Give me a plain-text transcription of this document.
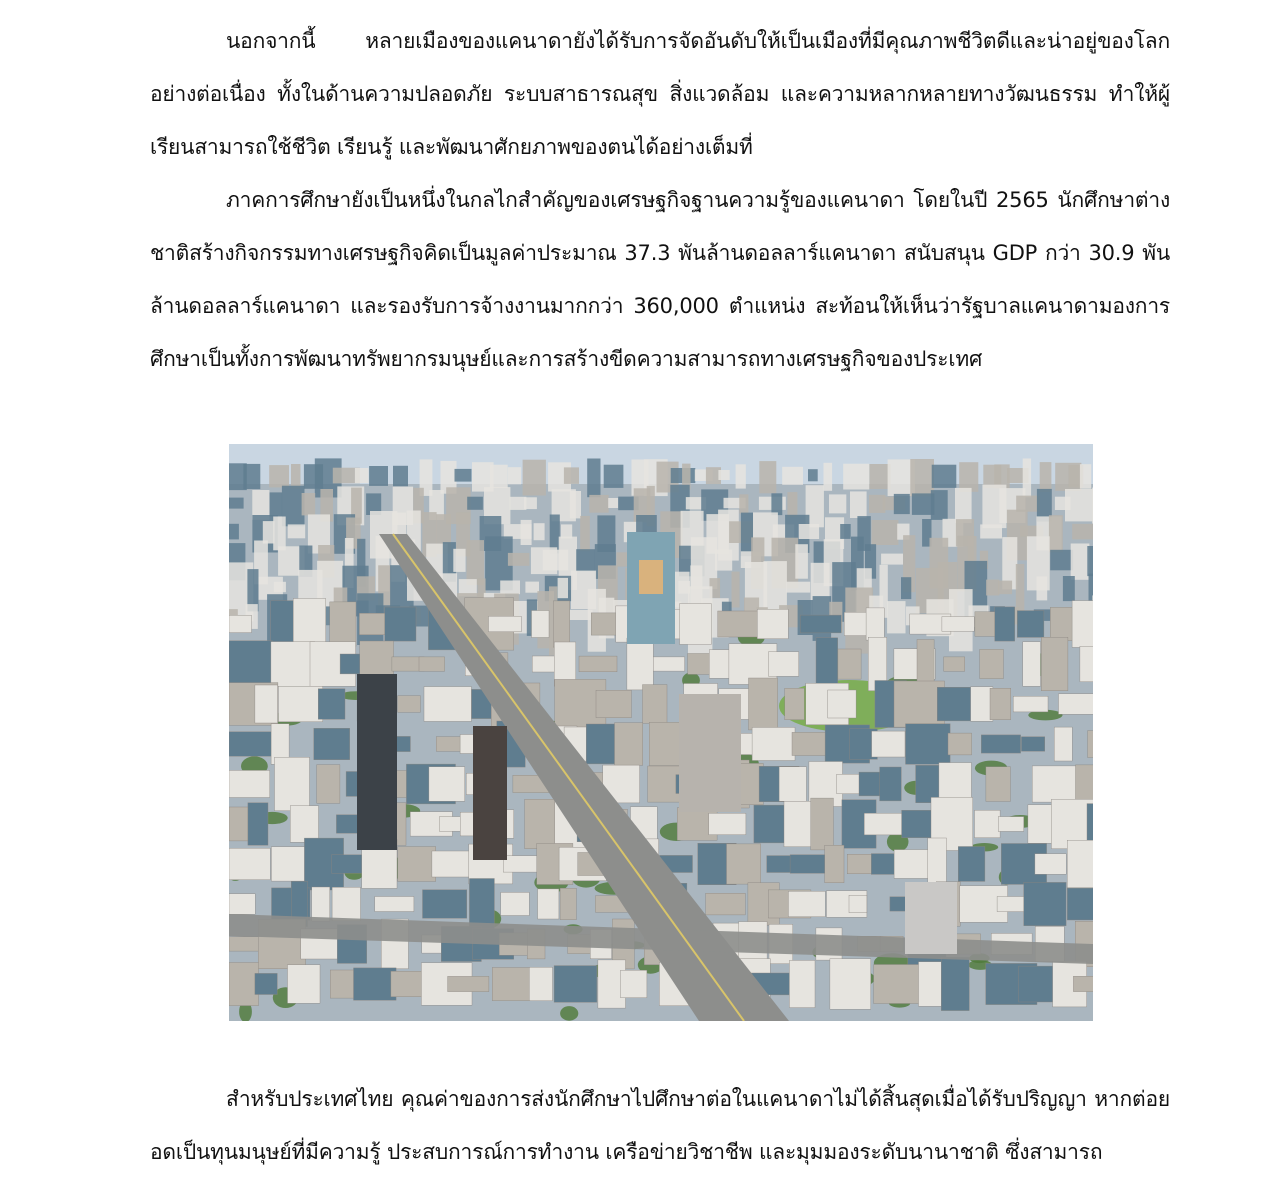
นอกจากนี้ หลายเมืองของแคนาดายังได้รับการจัดอันดับให้เป็นเมืองที่มีคุณภาพชีวิตดีและน่าอยู่ของโลกอย่างต่อเนื่อง ทั้งในด้านความปลอดภัย ระบบสาธารณสุข สิ่งแวดล้อม และความหลากหลายทางวัฒนธรรม ทำให้ผู้เรียนสามารถใช้ชีวิต เรียนรู้ และพัฒนาศักยภาพของตนได้อย่างเต็มที่

ภาคการศึกษายังเป็นหนึ่งในกลไกสำคัญของเศรษฐกิจฐานความรู้ของแคนาดา โดยในปี 2565 นักศึกษาต่างชาติสร้างกิจกรรมทางเศรษฐกิจคิดเป็นมูลค่าประมาณ 37.3 พันล้านดอลลาร์แคนาดา สนับสนุน GDP กว่า 30.9 พันล้านดอลลาร์แคนาดา และรองรับการจ้างงานมากกว่า 360,000 ตำแหน่ง สะท้อนให้เห็นว่ารัฐบาลแคนาดามองการศึกษาเป็นทั้งการพัฒนาทรัพยากรมนุษย์และการสร้างขีดความสามารถทางเศรษฐกิจของประเทศ

สำหรับประเทศไทย คุณค่าของการส่งนักศึกษาไปศึกษาต่อในแคนาดาไม่ได้สิ้นสุดเมื่อได้รับปริญญา หากต่อยอดเป็นทุนมนุษย์ที่มีความรู้ ประสบการณ์การทำงาน เครือข่ายวิชาชีพ และมุมมองระดับนานาชาติ ซึ่งสามารถ
